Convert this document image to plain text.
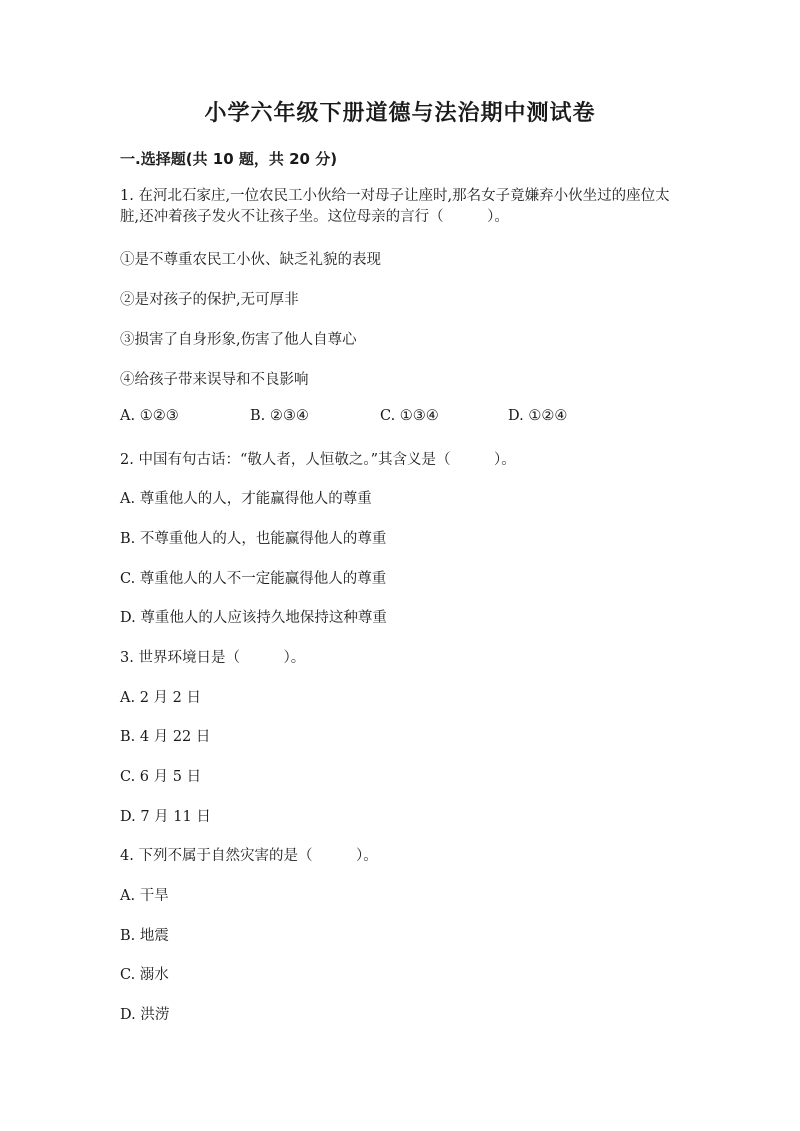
小学六年级下册道德与法治期中测试卷
一.选择题(共 10 题，共 20 分)
1. 在河北石家庄,一位农民工小伙给一对母子让座时,那名女子竟嫌弃小伙坐过的座位太脏,还冲着孩子发火不让孩子坐。这位母亲的言行（　　　）。
①是不尊重农民工小伙、缺乏礼貌的表现
②是对孩子的保护,无可厚非
③损害了自身形象,伤害了他人自尊心
④给孩子带来误导和不良影响
A. ①②③	B. ②③④	C. ①③④	D. ①②④
2. 中国有句古话：“敬人者，人恒敬之。”其含义是（　　　）。
A. 尊重他人的人，才能赢得他人的尊重
B. 不尊重他人的人，也能赢得他人的尊重
C. 尊重他人的人不一定能赢得他人的尊重
D. 尊重他人的人应该持久地保持这种尊重
3. 世界环境日是（　　　）。
A. 2 月 2 日
B. 4 月 22 日
C. 6 月 5 日
D. 7 月 11 日
4. 下列不属于自然灾害的是（　　　）。
A. 干旱
B. 地震
C. 溺水
D. 洪涝
